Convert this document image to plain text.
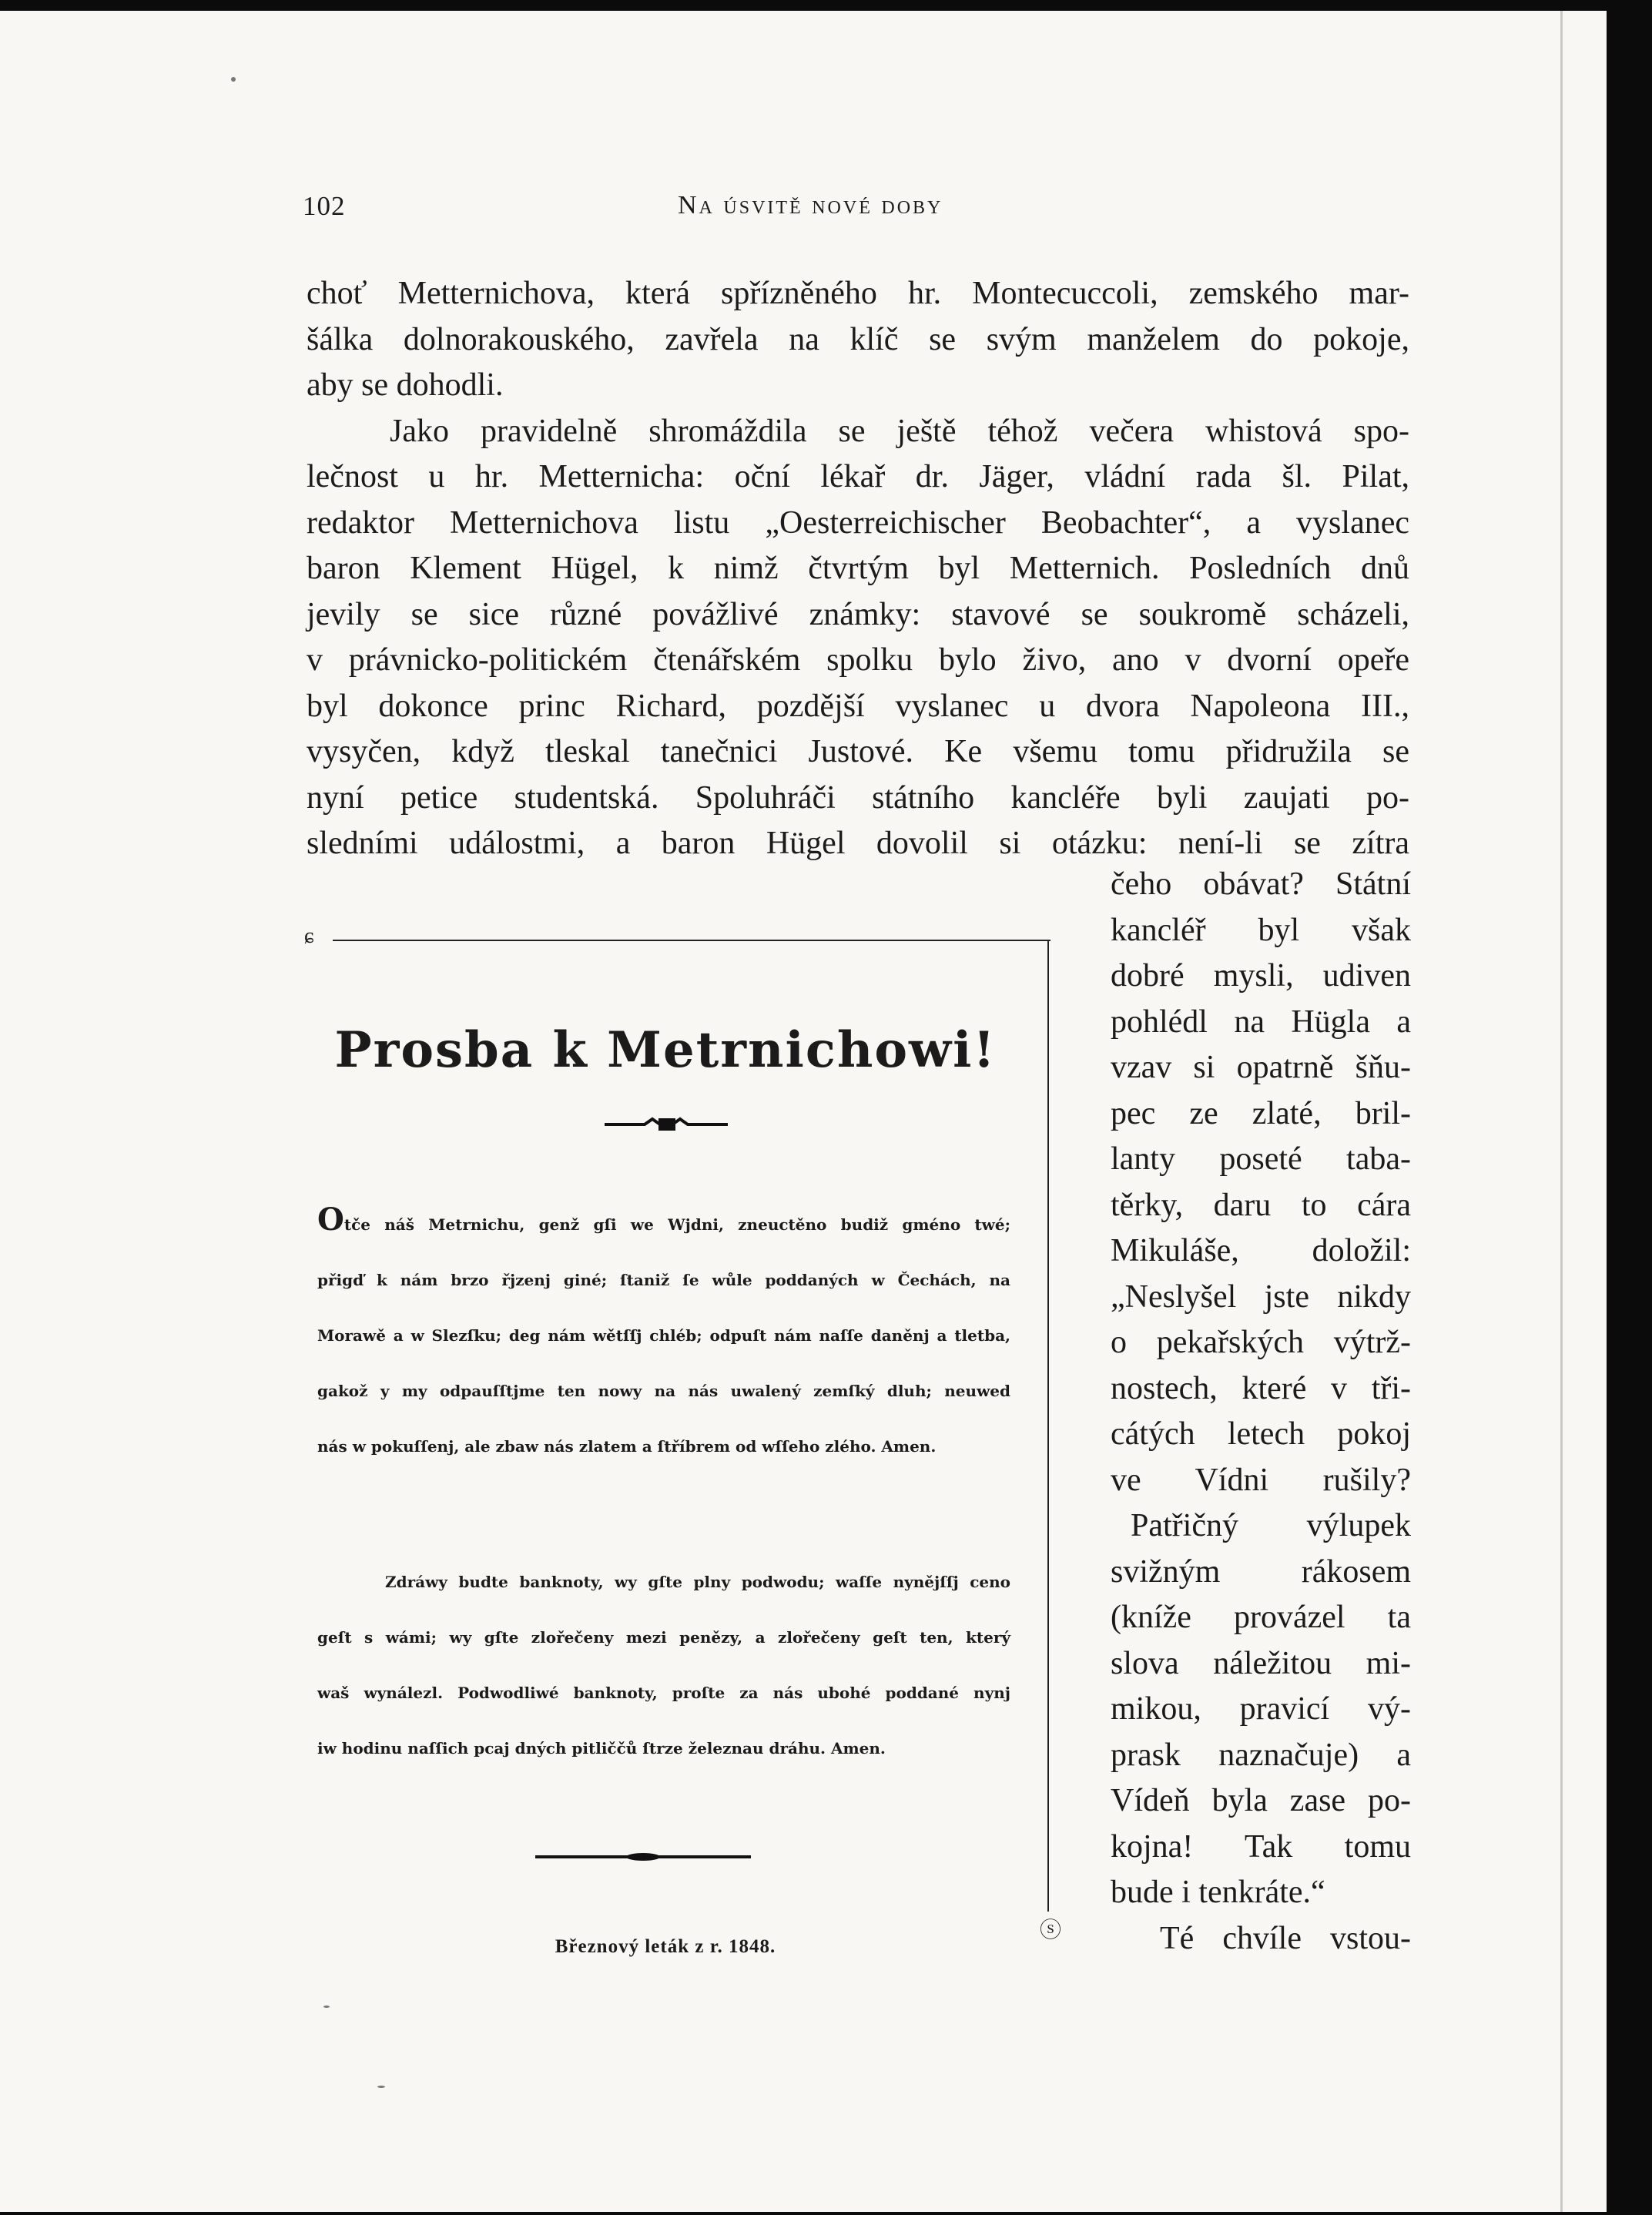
102	Na úsvitě nové doby

choť Metternichova, která spřízněného hr. Montecuccoli, zemského mar-
šálka dolnorakouského, zavřela na klíč se svým manželem do pokoje,
aby se dohodli.

Jako pravidelně shromáždila se ještě téhož večera whistová spo-
lečnost u hr. Metternicha: oční lékař dr. Jäger, vládní rada šl. Pilat,
redaktor Metternichova listu „Oesterreichischer Beobachter“, a vyslanec
baron Klement Hügel, k nimž čtvrtým byl Metternich. Posledních dnů
jevily se sice různé povážlivé známky: stavové se soukromě scházeli,
v právnicko-politickém čtenářském spolku bylo živo, ano v dvorní opeře
byl dokonce princ Richard, pozdější vyslanec u dvora Napoleona III.,
vysyčen, když tleskal tanečnici Justové. Ke všemu tomu přidružila se
nyní petice studentská. Spoluhráči státního kancléře byli zaujati po-
sledními událostmi, a baron Hügel dovolil si otázku: není-li se zítra

čeho obávat? Státní
kancléř byl však
dobré mysli, udiven
pohlédl na Hügla a
vzav si opatrně šňu-
pec ze zlaté, bril-
lanty poseté taba-
těrky, daru to cára
Mikuláše, doložil:
„Neslyšel jste nikdy
o pekařských výtrž-
nostech, které v tři-
cátých letech pokoj
ve Vídni rušily?
Patřičný výlupek
svižným rákosem
(kníže provázel ta
slova náležitou mi-
mikou, pravicí vý-
prask naznačuje) a
Vídeň byla zase po-
kojna! Tak tomu
bude i tenkráte.“
Té chvíle vstou-
ɕ
ⓢ
Prosba k Metrnichowi!
Otče náš Metrnichu, genž gſi we Wjdni, zneuctěno budiž gméno twé;
přigď k nám brzo řjzenj giné; ſtaniž ſe wůle poddaných w Čechách, na
Morawě a w Slezſku; deg nám wětſſj chléb; odpuſt nám naſſe daněnj a tletba,
gakož y my odpauſſtjme ten nowy na nás uwalený zemſký dluh; neuwed
nás w pokuſſenj, ale zbaw nás zlatem a ſtříbrem od wſſeho zlého. Amen.
Zdráwy budte banknoty, wy gſte plny podwodu; waſſe nynějſſj ceno
geſt s wámi; wy gſte zlořečeny mezi penězy, a zlořečeny geſt ten, který
waš wynálezl. Podwodliwé banknoty, proſte za nás ubohé poddané nynj
iw hodinu naſſich pcaj dných pitliččů ſtrze železnau dráhu. Amen.
Březnový leták z r. 1848.
